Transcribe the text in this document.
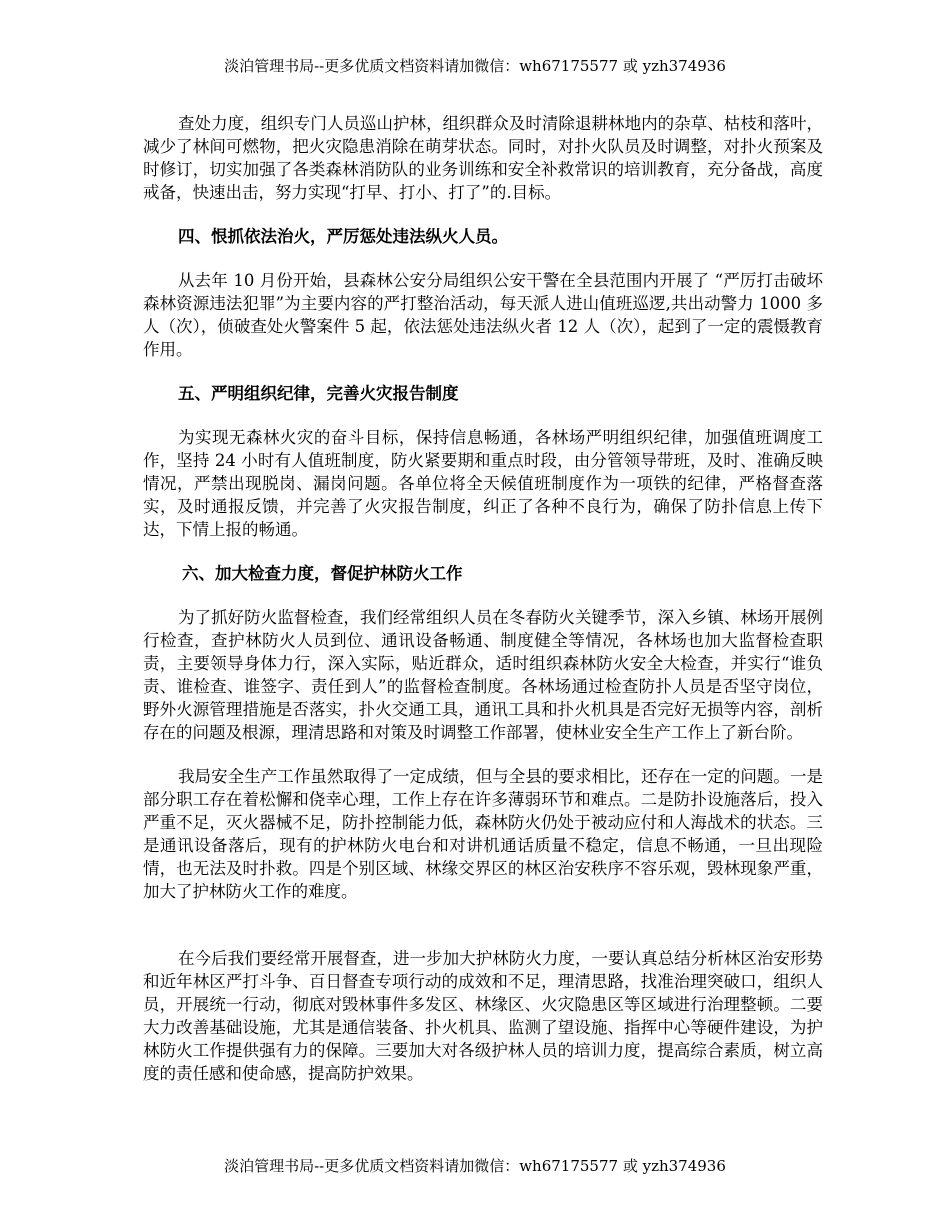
淡泊管理书局--更多优质文档资料请加微信：wh67175577 或 yzh374936

查处力度，组织专门人员巡山护林，组织群众及时清除退耕林地内的杂草、枯枝和落叶，减少了林间可燃物，把火灾隐患消除在萌芽状态。同时，对扑火队员及时调整，对扑火预案及时修订，切实加强了各类森林消防队的业务训练和安全补救常识的培训教育，充分备战，高度戒备，快速出击，努力实现“打早、打小、打了”的.目标。

四、恨抓依法治火，严厉惩处违法纵火人员。

从去年 10 月份开始，县森林公安分局组织公安干警在全县范围内开展了 “严厉打击破坏森林资源违法犯罪”为主要内容的严打整治活动，每天派人进山值班巡逻,共出动警力 1000 多人（次），侦破查处火警案件 5 起，依法惩处违法纵火者 12 人（次），起到了一定的震慑教育作用。

五、严明组织纪律，完善火灾报告制度

为实现无森林火灾的奋斗目标，保持信息畅通，各林场严明组织纪律，加强值班调度工作，坚持 24 小时有人值班制度，防火紧要期和重点时段，由分管领导带班，及时、准确反映情况，严禁出现脱岗、漏岗问题。各单位将全天候值班制度作为一项铁的纪律，严格督查落实，及时通报反馈，并完善了火灾报告制度，纠正了各种不良行为，确保了防扑信息上传下达，下情上报的畅通。

六、加大检查力度，督促护林防火工作

为了抓好防火监督检查，我们经常组织人员在冬春防火关键季节，深入乡镇、林场开展例行检查，查护林防火人员到位、通讯设备畅通、制度健全等情况，各林场也加大监督检查职责，主要领导身体力行，深入实际，贴近群众，适时组织森林防火安全大检查，并实行“谁负责、谁检查、谁签字、责任到人”的监督检查制度。各林场通过检查防扑人员是否坚守岗位，野外火源管理措施是否落实，扑火交通工具，通讯工具和扑火机具是否完好无损等内容，剖析存在的问题及根源，理清思路和对策及时调整工作部署，使林业安全生产工作上了新台阶。

我局安全生产工作虽然取得了一定成绩，但与全县的要求相比，还存在一定的问题。一是部分职工存在着松懈和侥幸心理，工作上存在许多薄弱环节和难点。二是防扑设施落后，投入严重不足，灭火器械不足，防扑控制能力低，森林防火仍处于被动应付和人海战术的状态。三是通讯设备落后，现有的护林防火电台和对讲机通话质量不稳定，信息不畅通，一旦出现险情，也无法及时扑救。四是个别区域、林缘交界区的林区治安秩序不容乐观，毁林现象严重，加大了护林防火工作的难度。

在今后我们要经常开展督查，进一步加大护林防火力度，一要认真总结分析林区治安形势和近年林区严打斗争、百日督查专项行动的成效和不足，理清思路，找准治理突破口，组织人员，开展统一行动，彻底对毁林事件多发区、林缘区、火灾隐患区等区域进行治理整顿。二要大力改善基础设施，尤其是通信装备、扑火机具、监测了望设施、指挥中心等硬件建设，为护林防火工作提供强有力的保障。三要加大对各级护林人员的培训力度，提高综合素质，树立高度的责任感和使命感，提高防护效果。

淡泊管理书局--更多优质文档资料请加微信：wh67175577 或 yzh374936
